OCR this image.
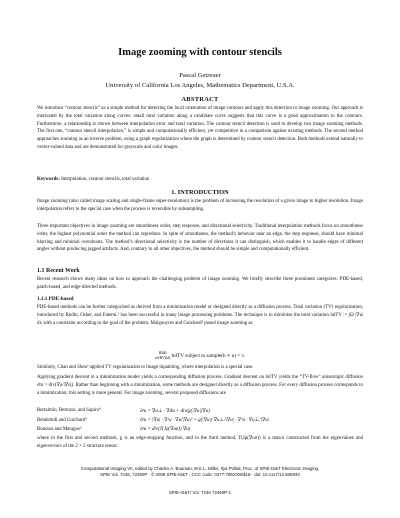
Image zooming with contour stencils
Pascal Getreuer
University of California Los Angeles, Mathematics Department, U.S.A.
ABSTRACT
We introduce “contour stencils” as a simple method for detecting the local orientation of image contours and apply this detection to image zooming. Our approach is motivated by the total variation along curves: small total variation along a candidate curve suggests that this curve is a good approximation to the contours. Furthermore, a relationship is shown between interpolation error and total variation. The contour stencil detection is used to develop two image zooming methods. The first one, “contour stencil interpolation,” is simple and computationally efficient, yet competitive in a comparison against existing methods. The second method approaches zooming as an inverse problem, using a graph regularization where the graph is determined by contour stencil detection. Both methods extend naturally to vector-valued data and are demonstrated for grayscale and color images.
Keywords: Interpolation, contour stencils, total variation
1. INTRODUCTION
Image zooming (also called image scaling and single-frame super-resolution) is the problem of increasing the resolution of a given image to higher resolution. Image interpolation refers to the special case when the process is reversible by subsampling.
Three important objectives in image zooming are smoothness order, step response, and directional selectivity. Traditional interpolation methods focus on smoothness order, the highest polynomial order the method can reproduce. In spite of smoothness, the method’s behavior near an edge, the step response, should have minimal blurring and minimal overshoots. The method’s directional selectivity is the number of directions it can distinguish, which enables it to handle edges of different angles without producing jagged artifacts. And, contrary to all other objectives, the method should be simple and computationally efficient.
1.1 Recent Work
Recent research shows many ideas on how to approach the challenging problem of image zooming. We briefly describe three prominent categories: PDE-based, patch-based, and edge-directed methods.
1.1.1 PDE-based
PDE-based methods can be further categorized as derived from a minimization model or designed directly as a diffusion process. Total variation (TV) regularization, introduced by Rudin, Osher, and Fatemi,¹ has been successful in many image processing problems. The technique is to minimize the total variation ‖u‖TV := ∫Ω |∇u| dx with a constraint according to the goal of the problem. Malgouyres and Guichard² posed image zooming as
min
u∈BV(Ω) ‖u‖TV subject to sample(h ∗ u) = v.
Similarly, Chan and Shen³ applied TV regularization to image inpainting, where interpolation is a special case.
Applying gradient descent to a minimization model yields a corresponding diffusion process. Gradient descent on ‖u‖TV yields the “TV-flow” anisotropic diffusion ∂tu = div(∇u/|∇u|). Rather than beginning with a minimization, some methods are designed directly as a diffusion process. For every diffusion process corresponds to a minimization; this setting is more general. For image zooming, several proposed diffusions are
Bertalmio, Bertozzi, and Sapiro⁴	∂tu = ∇u⊥ · ∇Δu + div(g(|∇u|)∇u)
Belahmidi and Guichard⁵	∂tu = |∇u| · ∇²u · ∇u/|∇u|² + g(|∇u|) ∇u⊥/|∇u| · ∇²u · ∇u⊥/|∇u|
Roussos and Maragos⁶	∂tu = div(T(Jρ(∇uσ)) ∇u)
where in the first and second methods, g is an edge-stopping function, and in the third method, T(Jρ(∇uσ)) is a tensor constructed from the eigenvalues and eigenvectors of the 2 × 2 structure tensor.
Computational Imaging VII, edited by Charles A. Bouman, Eric L. Miller, Ilya Pollak, Proc. of SPIE-IS&T Electronic Imaging,
SPIE Vol. 7246, 72460P · © 2009 SPIE-IS&T · CCC code: 0277-786X/09/$18 · doi: 10.1117/12.805934
SPIE-IS&T/ Vol. 7246 72460P-1
